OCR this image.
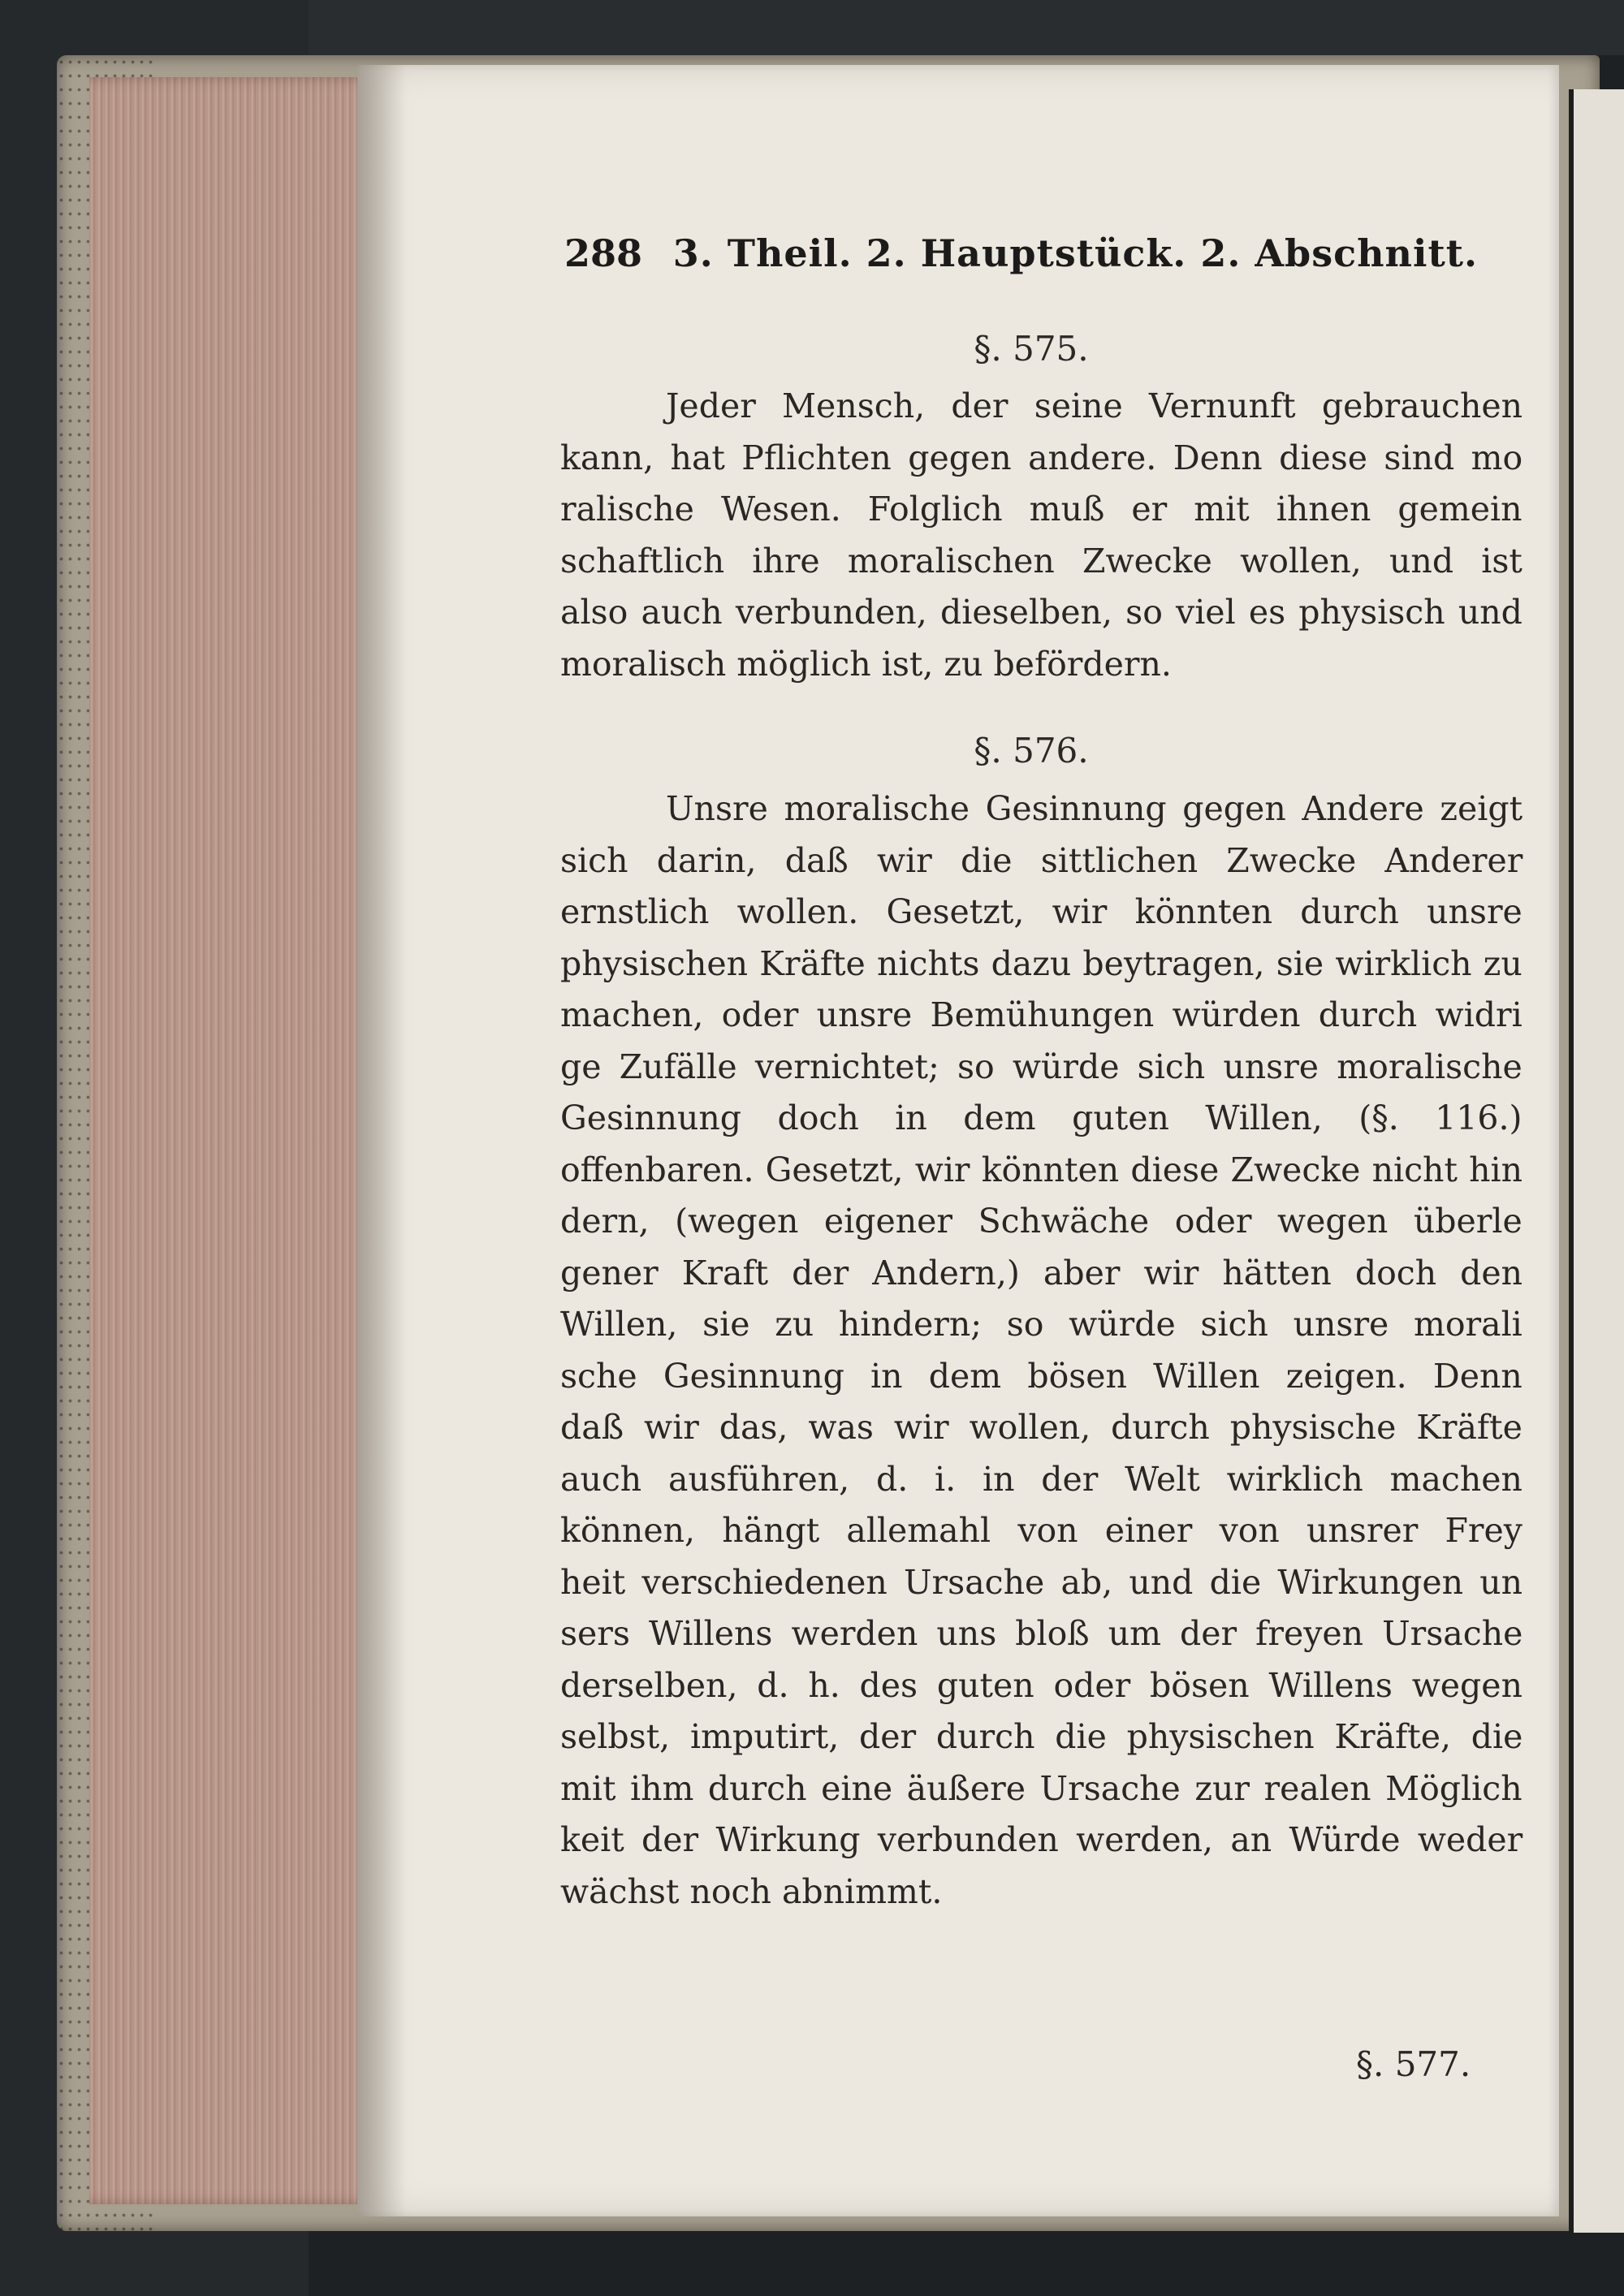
288 3. Theil. 2. Hauptstück. 2. Abschnitt.
§. 575.
Jeder Mensch, der seine Vernunft gebrauchen
kann, hat Pflichten gegen andere. Denn diese sind mo
ralische Wesen. Folglich muß er mit ihnen gemein
schaftlich ihre moralischen Zwecke wollen, und ist
also auch verbunden, dieselben, so viel es physisch und
moralisch möglich ist, zu befördern.
§. 576.
Unsre moralische Gesinnung gegen Andere zeigt
sich darin, daß wir die sittlichen Zwecke Anderer
ernstlich wollen. Gesetzt, wir könnten durch unsre
physischen Kräfte nichts dazu beytragen, sie wirklich zu
machen, oder unsre Bemühungen würden durch widri
ge Zufälle vernichtet; so würde sich unsre moralische
Gesinnung doch in dem guten Willen, (§. 116.)
offenbaren. Gesetzt, wir könnten diese Zwecke nicht hin
dern, (wegen eigener Schwäche oder wegen überle
gener Kraft der Andern,) aber wir hätten doch den
Willen, sie zu hindern; so würde sich unsre morali
sche Gesinnung in dem bösen Willen zeigen. Denn
daß wir das, was wir wollen, durch physische Kräfte
auch ausführen, d. i. in der Welt wirklich machen
können, hängt allemahl von einer von unsrer Frey
heit verschiedenen Ursache ab, und die Wirkungen un
sers Willens werden uns bloß um der freyen Ursache
derselben, d. h. des guten oder bösen Willens wegen
selbst, imputirt, der durch die physischen Kräfte, die
mit ihm durch eine äußere Ursache zur realen Möglich
keit der Wirkung verbunden werden, an Würde weder
wächst noch abnimmt.
§. 577.
